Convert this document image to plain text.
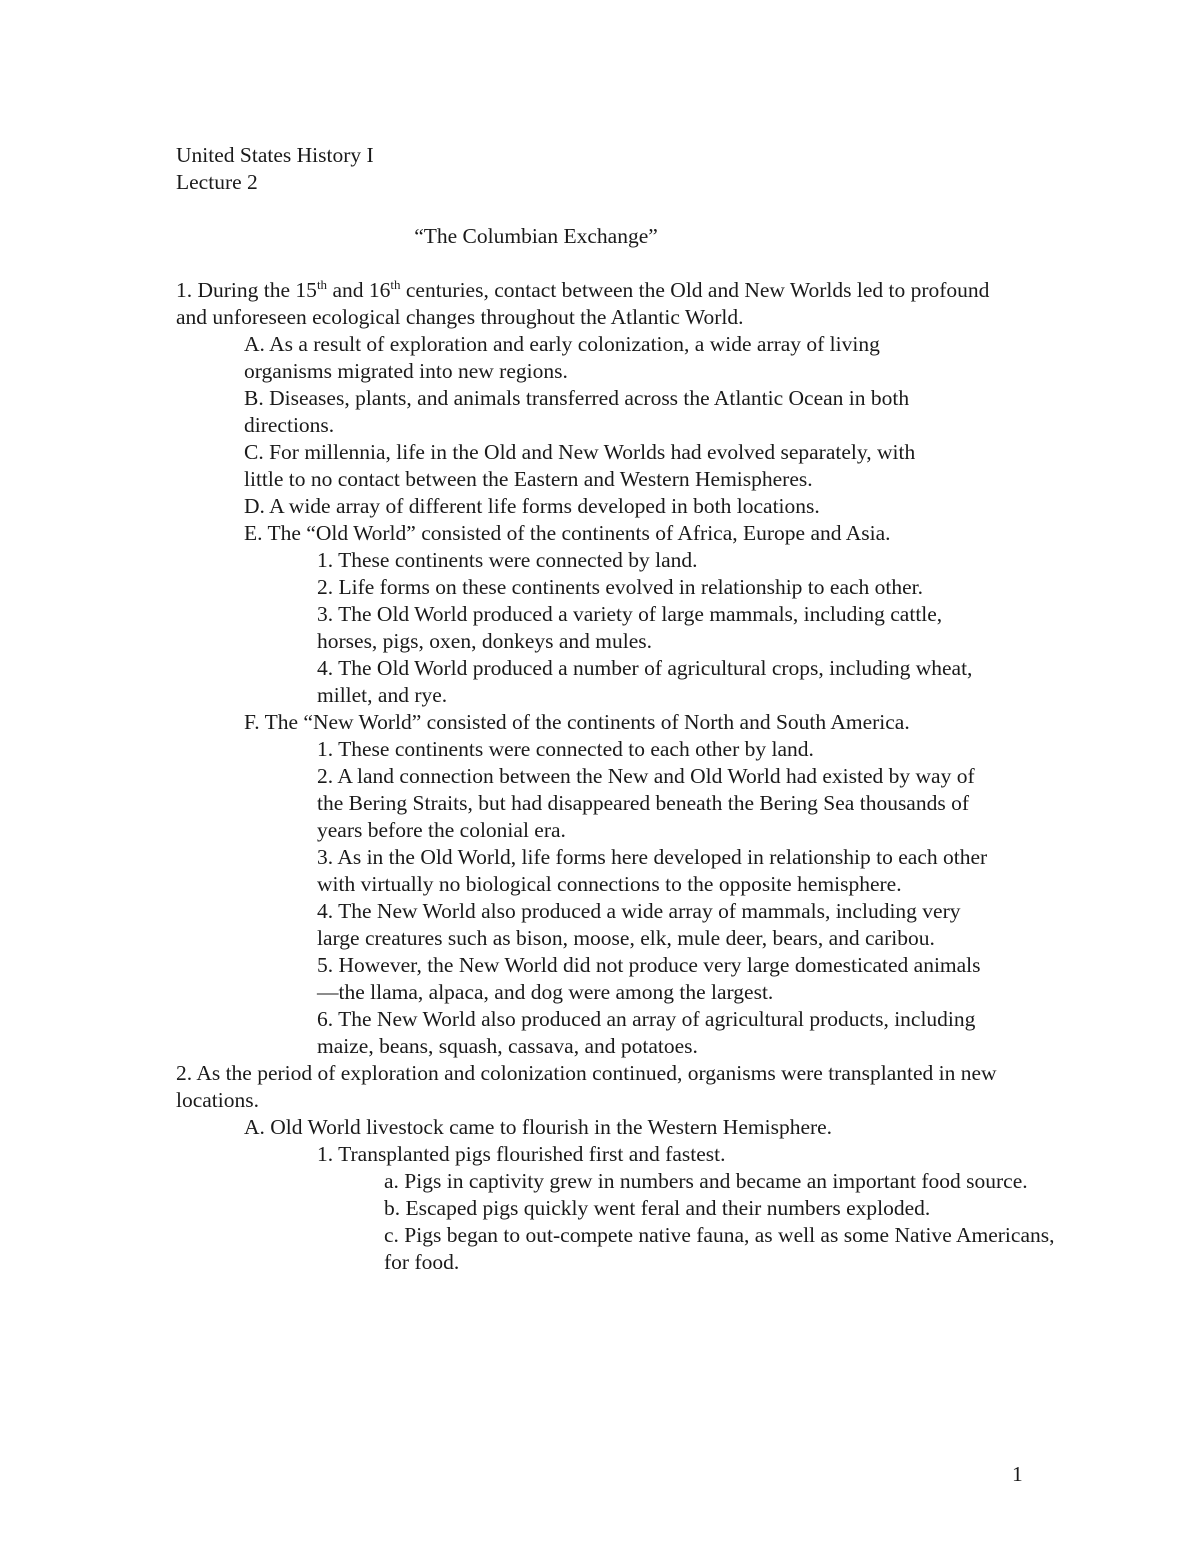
United States History I
Lecture 2
“The Columbian Exchange”
1. During the 15th and 16th centuries, contact between the Old and New Worlds led to profound and unforeseen ecological changes throughout the Atlantic World.
A. As a result of exploration and early colonization, a wide array of living organisms migrated into new regions.
B. Diseases, plants, and animals transferred across the Atlantic Ocean in both directions.
C. For millennia, life in the Old and New Worlds had evolved separately, with little to no contact between the Eastern and Western Hemispheres.
D. A wide array of different life forms developed in both locations.
E. The “Old World” consisted of the continents of Africa, Europe and Asia.
1. These continents were connected by land.
2. Life forms on these continents evolved in relationship to each other.
3. The Old World produced a variety of large mammals, including cattle, horses, pigs, oxen, donkeys and mules.
4. The Old World produced a number of agricultural crops, including wheat, millet, and rye.
F. The “New World” consisted of the continents of North and South America.
1. These continents were connected to each other by land.
2. A land connection between the New and Old World had existed by way of the Bering Straits, but had disappeared beneath the Bering Sea thousands of years before the colonial era.
3. As in the Old World, life forms here developed in relationship to each other with virtually no biological connections to the opposite hemisphere.
4. The New World also produced a wide array of mammals, including very large creatures such as bison, moose, elk, mule deer, bears, and caribou.
5. However, the New World did not produce very large domesticated animals—the llama, alpaca, and dog were among the largest.
6. The New World also produced an array of agricultural products, including maize, beans, squash, cassava, and potatoes.
2. As the period of exploration and colonization continued, organisms were transplanted in new locations.
A. Old World livestock came to flourish in the Western Hemisphere.
1. Transplanted pigs flourished first and fastest.
a. Pigs in captivity grew in numbers and became an important food source.
b. Escaped pigs quickly went feral and their numbers exploded.
c. Pigs began to out-compete native fauna, as well as some Native Americans, for food.
1
